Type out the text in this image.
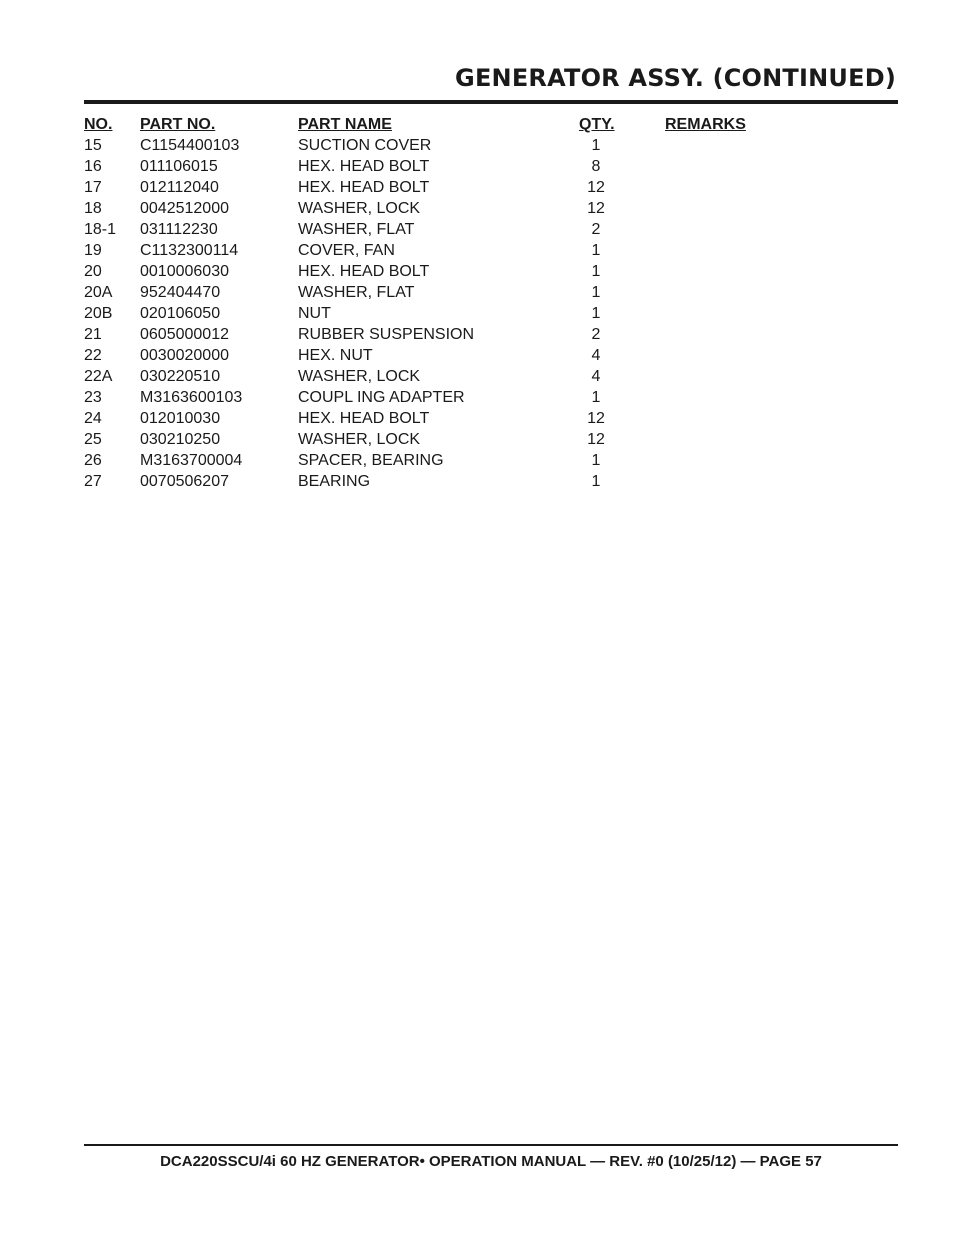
GENERATOR ASSY. (CONTINUED)
NO. PART NO.	PART NAME	QTY.	REMARKS
15 C1154400103	SUCTION COVER	1
16 011106015	HEX. HEAD BOLT	8
17 012112040	HEX. HEAD BOLT	12
18 0042512000	WASHER, LOCK	12
18-1 031112230	WASHER, FLAT	2
19 C1132300114	COVER, FAN	1
20 0010006030	HEX. HEAD BOLT	1
20A 952404470	WASHER, FLAT	1
20B 020106050	NUT	1
21 0605000012	RUBBER SUSPENSION	2
22 0030020000	HEX. NUT	4
22A 030220510	WASHER, LOCK	4
23 M3163600103	COUPL ING ADAPTER	1
24 012010030	HEX. HEAD BOLT	12
25 030210250	WASHER, LOCK	12
26 M3163700004	SPACER, BEARING	1
27 0070506207	BEARING	1
DCA220SSCU/4i 60 HZ GENERATOR• OPERATION MANUAL — REV. #0 (10/25/12) — PAGE 57
